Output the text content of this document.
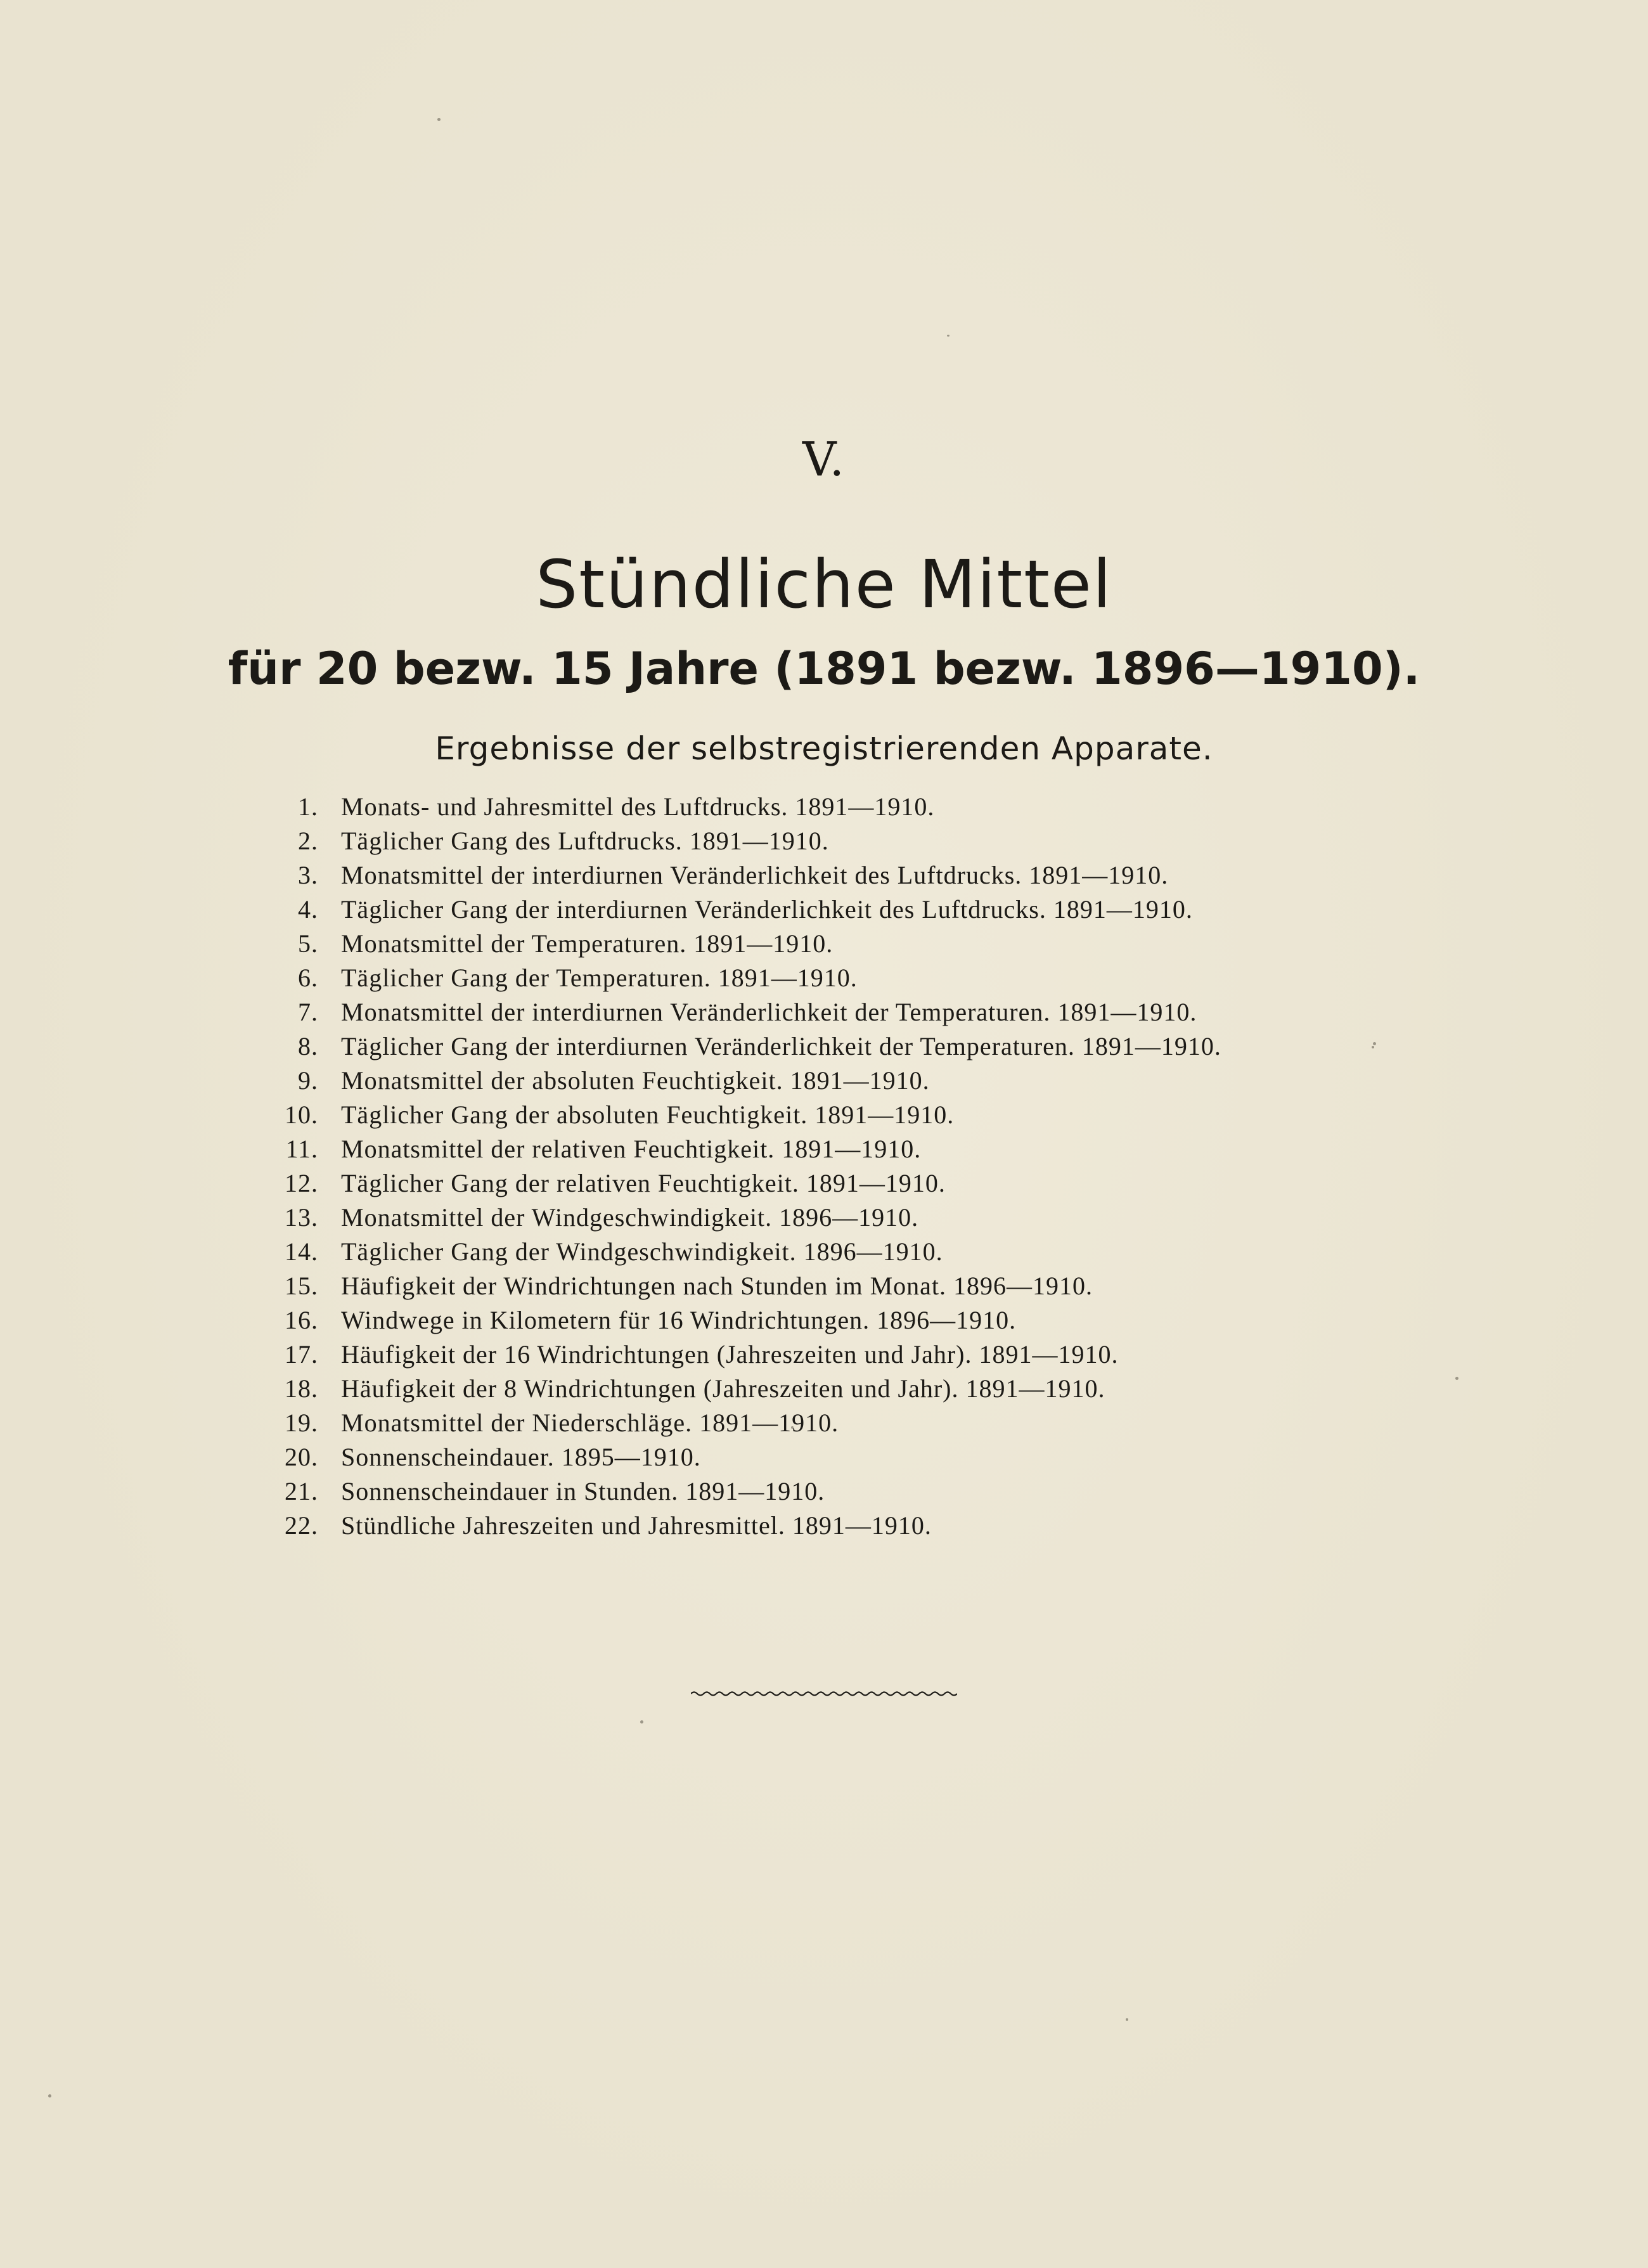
V.
Stündliche Mittel
für 20 bezw. 15 Jahre (1891 bezw. 1896—1910).
Ergebnisse der selbstregistrierenden Apparate.
1. Monats- und Jahresmittel des Luftdrucks. 1891—1910.
2. Täglicher Gang des Luftdrucks. 1891—1910.
3. Monatsmittel der interdiurnen Veränderlichkeit des Luftdrucks. 1891—1910.
4. Täglicher Gang der interdiurnen Veränderlichkeit des Luftdrucks. 1891—1910.
5. Monatsmittel der Temperaturen. 1891—1910.
6. Täglicher Gang der Temperaturen. 1891—1910.
7. Monatsmittel der interdiurnen Veränderlichkeit der Temperaturen. 1891—1910.
8. Täglicher Gang der interdiurnen Veränderlichkeit der Temperaturen. 1891—1910.
9. Monatsmittel der absoluten Feuchtigkeit. 1891—1910.
10. Täglicher Gang der absoluten Feuchtigkeit. 1891—1910.
11. Monatsmittel der relativen Feuchtigkeit. 1891—1910.
12. Täglicher Gang der relativen Feuchtigkeit. 1891—1910.
13. Monatsmittel der Windgeschwindigkeit. 1896—1910.
14. Täglicher Gang der Windgeschwindigkeit. 1896—1910.
15. Häufigkeit der Windrichtungen nach Stunden im Monat. 1896—1910.
16. Windwege in Kilometern für 16 Windrichtungen. 1896—1910.
17. Häufigkeit der 16 Windrichtungen (Jahreszeiten und Jahr). 1891—1910.
18. Häufigkeit der 8 Windrichtungen (Jahreszeiten und Jahr). 1891—1910.
19. Monatsmittel der Niederschläge. 1891—1910.
20. Sonnenscheindauer. 1895—1910.
21. Sonnenscheindauer in Stunden. 1891—1910.
22. Stündliche Jahreszeiten und Jahresmittel. 1891—1910.
